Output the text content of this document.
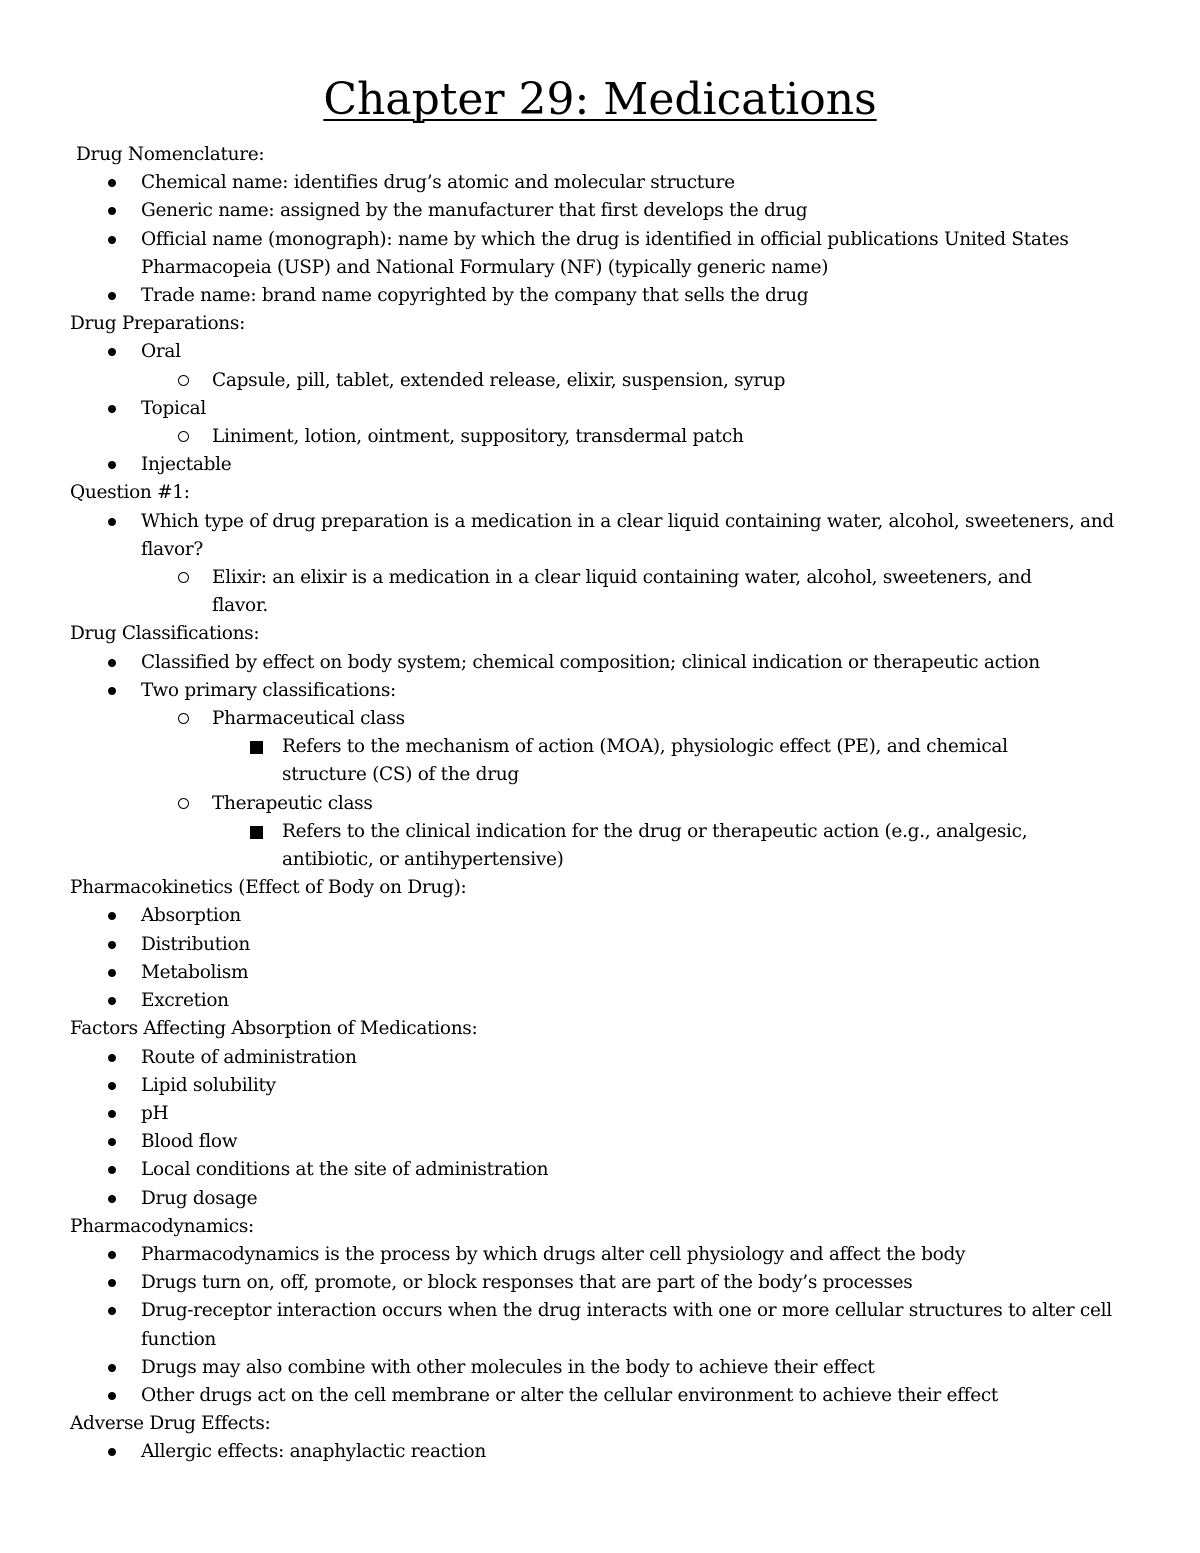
Chapter 29: Medications
Drug Nomenclature:
Chemical name: identifies drug’s atomic and molecular structure
Generic name: assigned by the manufacturer that first develops the drug
Official name (monograph): name by which the drug is identified in official publications United States Pharmacopeia (USP) and National Formulary (NF) (typically generic name)
Trade name: brand name copyrighted by the company that sells the drug
Drug Preparations:
Oral
Capsule, pill, tablet, extended release, elixir, suspension, syrup
Topical
Liniment, lotion, ointment, suppository, transdermal patch
Injectable
Question #1:
Which type of drug preparation is a medication in a clear liquid containing water, alcohol, sweeteners, and flavor?
Elixir: an elixir is a medication in a clear liquid containing water, alcohol, sweeteners, and flavor.
Drug Classifications:
Classified by effect on body system; chemical composition; clinical indication or therapeutic action
Two primary classifications:
Pharmaceutical class
Refers to the mechanism of action (MOA), physiologic effect (PE), and chemical structure (CS) of the drug
Therapeutic class
Refers to the clinical indication for the drug or therapeutic action (e.g., analgesic, antibiotic, or antihypertensive)
Pharmacokinetics (Effect of Body on Drug):
Absorption
Distribution
Metabolism
Excretion
Factors Affecting Absorption of Medications:
Route of administration
Lipid solubility
pH
Blood flow
Local conditions at the site of administration
Drug dosage
Pharmacodynamics:
Pharmacodynamics is the process by which drugs alter cell physiology and affect the body
Drugs turn on, off, promote, or block responses that are part of the body’s processes
Drug-receptor interaction occurs when the drug interacts with one or more cellular structures to alter cell function
Drugs may also combine with other molecules in the body to achieve their effect
Other drugs act on the cell membrane or alter the cellular environment to achieve their effect
Adverse Drug Effects:
Allergic effects: anaphylactic reaction
